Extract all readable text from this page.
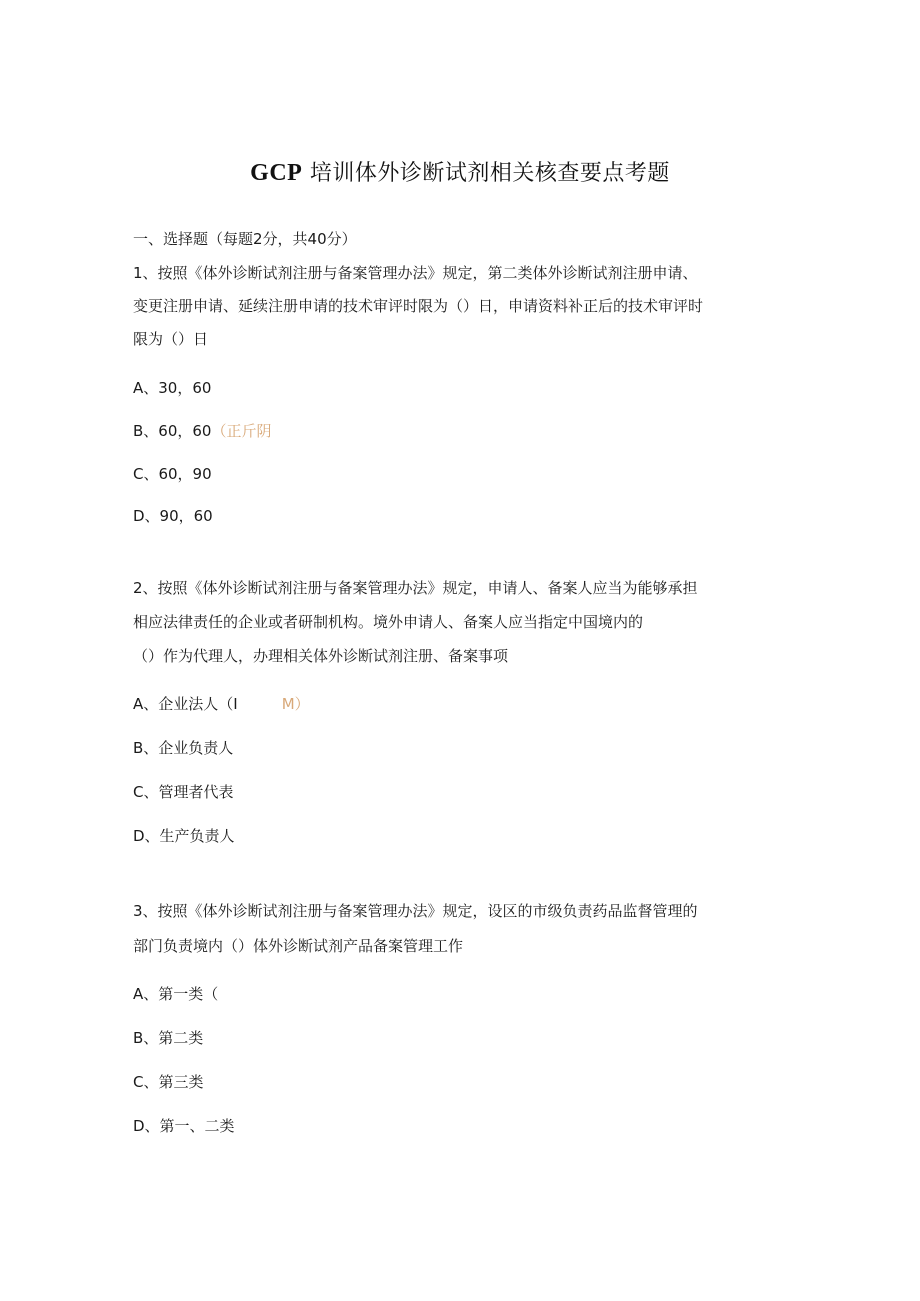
GCP 培训体外诊断试剂相关核查要点考题
一、选择题（每题2分，共40分）
1、按照《体外诊断试剂注册与备案管理办法》规定，第二类体外诊断试剂注册申请、
变更注册申请、延续注册申请的技术审评时限为（）日，申请资料补正后的技术审评时
限为（）日
A、30，60
B、60，60（正斤阴
C、60，90
D、90，60
2、按照《体外诊断试剂注册与备案管理办法》规定，申请人、备案人应当为能够承担
相应法律责任的企业或者研制机构。境外申请人、备案人应当指定中国境内的
（）作为代理人，办理相关体外诊断试剂注册、备案事项
A、企业法人（I	M）
B、企业负责人
C、管理者代表
D、生产负责人
3、按照《体外诊断试剂注册与备案管理办法》规定，设区的市级负责药品监督管理的
部门负责境内（）体外诊断试剂产品备案管理工作
A、第一类（
B、第二类
C、第三类
D、第一、二类
